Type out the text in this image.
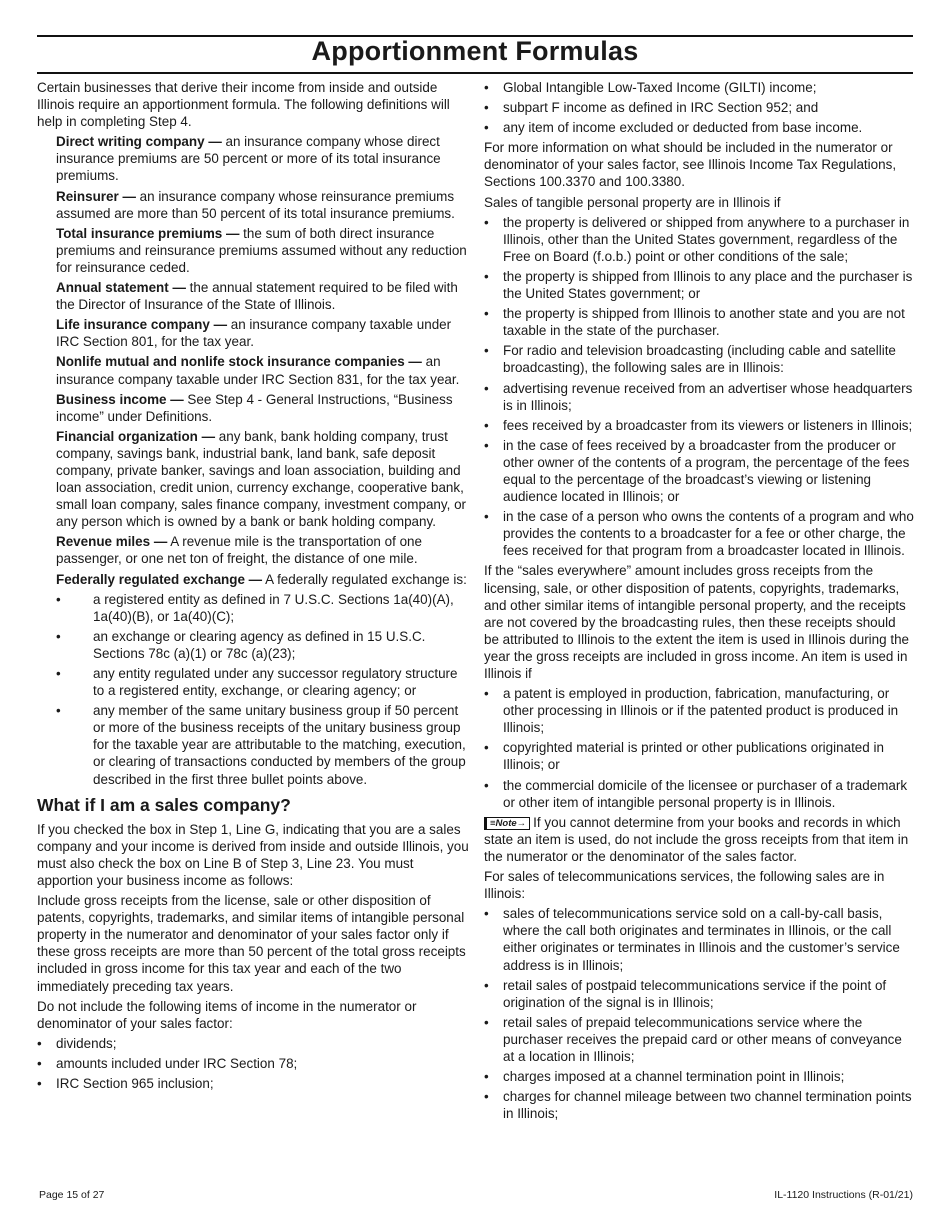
Apportionment Formulas

Certain businesses that derive their income from inside and outside Illinois require an apportionment formula. The following definitions will help in completing Step 4.

Direct writing company — an insurance company whose direct insurance premiums are 50 percent or more of its total insurance premiums.

Reinsurer — an insurance company whose reinsurance premiums assumed are more than 50 percent of its total insurance premiums.

Total insurance premiums — the sum of both direct insurance premiums and reinsurance premiums assumed without any reduction for reinsurance ceded.

Annual statement — the annual statement required to be filed with the Director of Insurance of the State of Illinois.

Life insurance company — an insurance company taxable under IRC Section 801, for the tax year.

Nonlife mutual and nonlife stock insurance companies — an insurance company taxable under IRC Section 831, for the tax year.

Business income — See Step 4 - General Instructions, “Business income” under Definitions.

Financial organization — any bank, bank holding company, trust company, savings bank, industrial bank, land bank, safe deposit company, private banker, savings and loan association, building and loan association, credit union, currency exchange, cooperative bank, small loan company, sales finance company, investment company, or any person which is owned by a bank or bank holding company.

Revenue miles — A revenue mile is the transportation of one passenger, or one net ton of freight, the distance of one mile.

Federally regulated exchange — A federally regulated exchange is:

• a registered entity as defined in 7 U.S.C. Sections 1a(40)(A), 1a(40)(B), or 1a(40)(C);
• an exchange or clearing agency as defined in 15 U.S.C. Sections 78c (a)(1) or 78c (a)(23);
• any entity regulated under any successor regulatory structure to a registered entity, exchange, or clearing agency; or
• any member of the same unitary business group if 50 percent or more of the business receipts of the unitary business group for the taxable year are attributable to the matching, execution, or clearing of transactions conducted by members of the group described in the first three bullet points above.
What if I am a sales company?

If you checked the box in Step 1, Line G, indicating that you are a sales company and your income is derived from inside and outside Illinois, you must also check the box on Line B of Step 3, Line 23. You must apportion your business income as follows:

Include gross receipts from the license, sale or other disposition of patents, copyrights, trademarks, and similar items of intangible personal property in the numerator and denominator of your sales factor only if these gross receipts are more than 50 percent of the total gross receipts included in gross income for this tax year and each of the two immediately preceding tax years.

Do not include the following items of income in the numerator or denominator of your sales factor:

• dividends;
• amounts included under IRC Section 78;
• IRC Section 965 inclusion;
• Global Intangible Low-Taxed Income (GILTI) income;
• subpart F income as defined in IRC Section 952; and
• any item of income excluded or deducted from base income.

For more information on what should be included in the numerator or denominator of your sales factor, see Illinois Income Tax Regulations, Sections 100.3370 and 100.3380.

Sales of tangible personal property are in Illinois if

• the property is delivered or shipped from anywhere to a purchaser in Illinois, other than the United States government, regardless of the Free on Board (f.o.b.) point or other conditions of the sale;
• the property is shipped from Illinois to any place and the purchaser is the United States government; or
• the property is shipped from Illinois to another state and you are not taxable in the state of the purchaser.
• For radio and television broadcasting (including cable and satellite broadcasting), the following sales are in Illinois:
• advertising revenue received from an advertiser whose headquarters is in Illinois;
• fees received by a broadcaster from its viewers or listeners in Illinois;
• in the case of fees received by a broadcaster from the producer or other owner of the contents of a program, the percentage of the fees equal to the percentage of the broadcast’s viewing or listening audience located in Illinois; or
• in the case of a person who owns the contents of a program and who provides the contents to a broadcaster for a fee or other charge, the fees received for that program from a broadcaster located in Illinois.

If the “sales everywhere” amount includes gross receipts from the licensing, sale, or other disposition of patents, copyrights, trademarks, and other similar items of intangible personal property, and the receipts are not covered by the broadcasting rules, then these receipts should be attributed to Illinois to the extent the item is used in Illinois during the year the gross receipts are included in gross income. An item is used in Illinois if

• a patent is employed in production, fabrication, manufacturing, or other processing in Illinois or if the patented product is produced in Illinois;
• copyrighted material is printed or other publications originated in Illinois; or
• the commercial domicile of the licensee or purchaser of a trademark or other item of intangible personal property is in Illinois.

≡Note→ If you cannot determine from your books and records in which state an item is used, do not include the gross receipts from that item in the numerator or the denominator of the sales factor.

For sales of telecommunications services, the following sales are in Illinois:

• sales of telecommunications service sold on a call-by-call basis, where the call both originates and terminates in Illinois, or the call either originates or terminates in Illinois and the customer’s service address is in Illinois;
• retail sales of postpaid telecommunications service if the point of origination of the signal is in Illinois;
• retail sales of prepaid telecommunications service where the purchaser receives the prepaid card or other means of conveyance at a location in Illinois;
• charges imposed at a channel termination point in Illinois;
• charges for channel mileage between two channel termination points in Illinois;
Page 15 of 27	IL-1120 Instructions (R-01/21)
